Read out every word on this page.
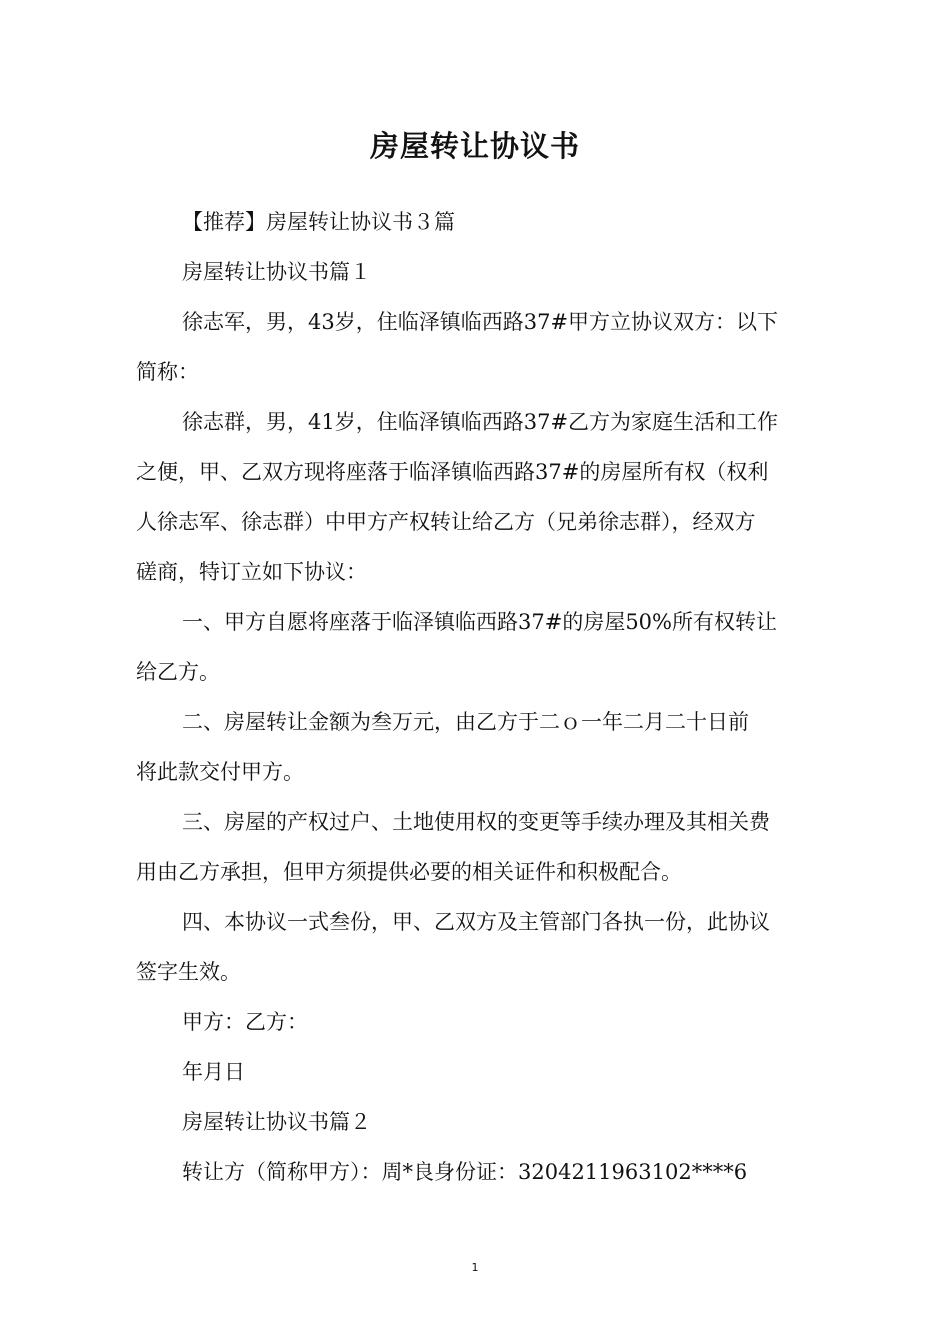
房屋转让协议书
【推荐】房屋转让协议书３篇
房屋转让协议书篇１
徐志军，男，43岁，住临泽镇临西路37#甲方立协议双方：以下
简称：
徐志群，男，41岁，住临泽镇临西路37#乙方为家庭生活和工作
之便，甲、乙双方现将座落于临泽镇临西路37#的房屋所有权（权利
人徐志军、徐志群）中甲方产权转让给乙方（兄弟徐志群），经双方
磋商，特订立如下协议：
一、甲方自愿将座落于临泽镇临西路37#的房屋50%所有权转让
给乙方。
二、房屋转让金额为叁万元，由乙方于二ｏ一年二月二十日前
将此款交付甲方。
三、房屋的产权过户、土地使用权的变更等手续办理及其相关费
用由乙方承担，但甲方须提供必要的相关证件和积极配合。
四、本协议一式叁份，甲、乙双方及主管部门各执一份，此协议
签字生效。
甲方：乙方：
年月日
房屋转让协议书篇２
转让方（简称甲方）：周*良身份证：3204211963102****6
1
